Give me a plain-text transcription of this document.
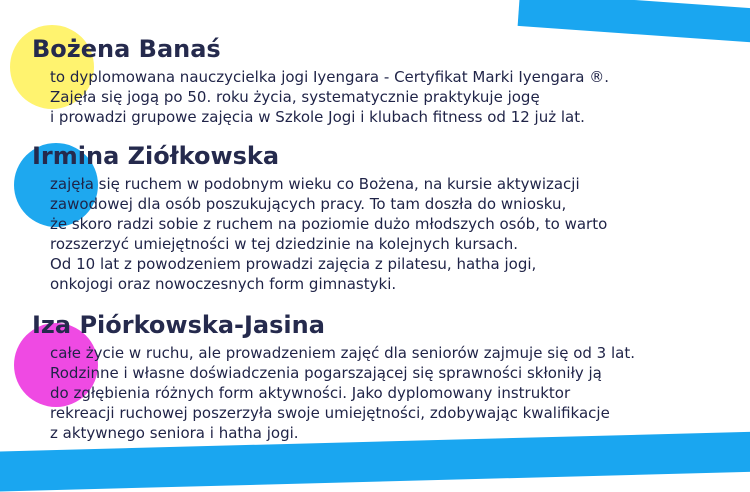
Bożena Banaś

to dyplomowana nauczycielka jogi Iyengara - Certyfikat Marki Iyengara ®.
Zajęła się jogą po 50. roku życia, systematycznie praktykuje jogę
i prowadzi grupowe zajęcia w Szkole Jogi i klubach fitness od 12 już lat.

Irmina Ziółkowska

zajęła się ruchem w podobnym wieku co Bożena, na kursie aktywizacji
zawodowej dla osób poszukujących pracy. To tam doszła do wniosku,
że skoro radzi sobie z ruchem na poziomie dużo młodszych osób, to warto
rozszerzyć umiejętności w tej dziedzinie na kolejnych kursach.
Od 10 lat z powodzeniem prowadzi zajęcia z pilatesu, hatha jogi,
onkojogi oraz nowoczesnych form gimnastyki.

Iza Piórkowska-Jasina

całe życie w ruchu, ale prowadzeniem zajęć dla seniorów zajmuje się od 3 lat.
Rodzinne i własne doświadczenia pogarszającej się sprawności skłoniły ją
do zgłębienia różnych form aktywności. Jako dyplomowany instruktor
rekreacji ruchowej poszerzyła swoje umiejętności, zdobywając kwalifikacje
z aktywnego seniora i hatha jogi.
